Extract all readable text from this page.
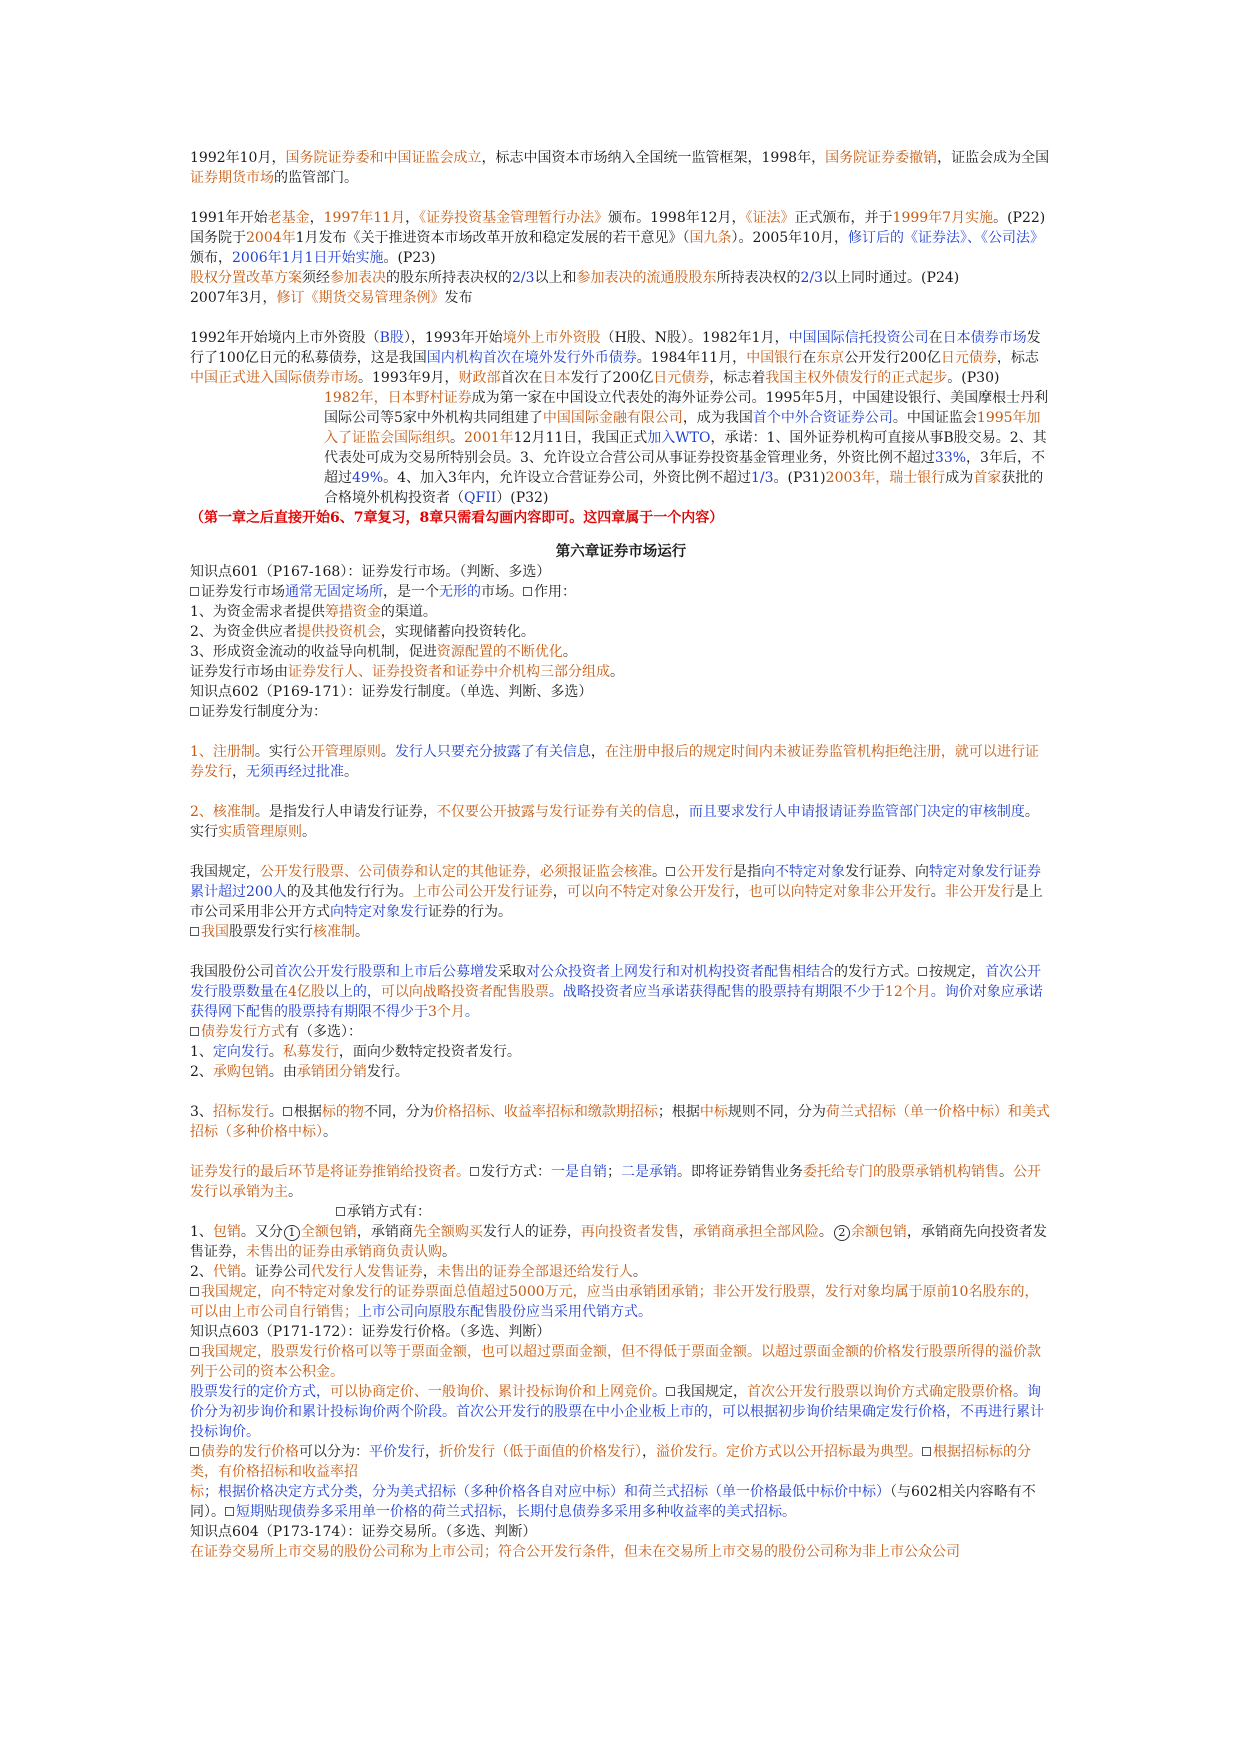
1992年10月，国务院证券委和中国证监会成立，标志中国资本市场纳入全国统一监管框架，1998年，国务院证券委撤销，证监会成为全国证券期货市场的监管部门。

1991年开始老基金，1997年11月，《证券投资基金管理暂行办法》颁布。1998年12月，《证法》正式颁布，并于1999年7月实施。(P22)国务院于2004年1月发布《关于推进资本市场改革开放和稳定发展的若干意见》（国九条）。2005年10月，修订后的《证券法》、《公司法》颁布，2006年1月1日开始实施。(P23)

股权分置改革方案须经参加表决的股东所持表决权的2/3以上和参加表决的流通股股东所持表决权的2/3以上同时通过。(P24)

2007年3月，修订《期货交易管理条例》发布

1992年开始境内上市外资股（B股），1993年开始境外上市外资股（H股、N股）。1982年1月，中国国际信托投资公司在日本债券市场发行了100亿日元的私募债券，这是我国国内机构首次在境外发行外币债券。1984年11月，中国银行在东京公开发行200亿日元债券，标志中国正式进入国际债券市场。1993年9月，财政部首次在日本发行了200亿日元债券，标志着我国主权外债发行的正式起步。(P30)

1982年，日本野村证券成为第一家在中国设立代表处的海外证券公司。1995年5月，中国建设银行、美国摩根士丹利国际公司等5家中外机构共同组建了中国国际金融有限公司，成为我国首个中外合资证券公司。中国证监会1995年加入了证监会国际组织。2001年12月11日，我国正式加入WTO，承诺：1、国外证券机构可直接从事B股交易。2、其代表处可成为交易所特别会员。3、允许设立合营公司从事证券投资基金管理业务，外资比例不超过33%，3年后，不超过49%。4、加入3年内，允许设立合营证券公司，外资比例不超过1/3。(P31)2003年，瑞士银行成为首家获批的合格境外机构投资者（QFII）(P32)

（第一章之后直接开始6、7章复习，8章只需看勾画内容即可。这四章属于一个内容）

第六章证券市场运行

知识点601（P167-168）：证券发行市场。（判断、多选）

证券发行市场通常无固定场所，是一个无形的市场。 作用：

1、为资金需求者提供筹措资金的渠道。

2、为资金供应者提供投资机会，实现储蓄向投资转化。

3、形成资金流动的收益导向机制，促进资源配置的不断优化。

证券发行市场由证券发行人、证券投资者和证券中介机构三部分组成。

知识点602（P169-171）：证券发行制度。（单选、判断、多选）

证券发行制度分为：

1、注册制。实行公开管理原则。发行人只要充分披露了有关信息，在注册申报后的规定时间内未被证券监管机构拒绝注册，就可以进行证券发行，无须再经过批准。

2、核准制。是指发行人申请发行证券，不仅要公开披露与发行证券有关的信息，而且要求发行人申请报请证券监管部门决定的审核制度。实行实质管理原则。

我国规定，公开发行股票、公司债券和认定的其他证券，必须报证监会核准。 公开发行是指向不特定对象发行证券、向特定对象发行证券累计超过200人的及其他发行行为。上市公司公开发行证券，可以向不特定对象公开发行，也可以向特定对象非公开发行。非公开发行是上市公司采用非公开方式向特定对象发行证券的行为。

我国股票发行实行核准制。

我国股份公司首次公开发行股票和上市后公募增发采取对公众投资者上网发行和对机构投资者配售相结合的发行方式。 按规定，首次公开发行股票数量在4亿股以上的，可以向战略投资者配售股票。战略投资者应当承诺获得配售的股票持有期限不少于12个月。询价对象应承诺获得网下配售的股票持有期限不得少于3个月。

债券发行方式有（多选）：

1、定向发行。私募发行，面向少数特定投资者发行。

2、承购包销。由承销团分销发行。

3、招标发行。 根据标的物不同，分为价格招标、收益率招标和缴款期招标；根据中标规则不同，分为荷兰式招标（单一价格中标）和美式招标（多种价格中标）。

证券发行的最后环节是将证券推销给投资者。 发行方式：一是自销；二是承销。即将证券销售业务委托给专门的股票承销机构销售。公开发行以承销为主。

承销方式有：

1、包销。又分 1 全额包销，承销商先全额购买发行人的证券，再向投资者发售，承销商承担全部风险。 2 余额包销，承销商先向投资者发售证券，未售出的证券由承销商负责认购。

2、代销。证券公司代发行人发售证券，未售出的证券全部退还给发行人。

我国规定，向不特定对象发行的证券票面总值超过5000万元，应当由承销团承销；非公开发行股票，发行对象均属于原前10名股东的，可以由上市公司自行销售；上市公司向原股东配售股份应当采用代销方式。

知识点603（P171-172）：证券发行价格。（多选、判断）

我国规定，股票发行价格可以等于票面金额，也可以超过票面金额，但不得低于票面金额。以超过票面金额的价格发行股票所得的溢价款列于公司的资本公积金。

股票发行的定价方式，可以协商定价、一般询价、累计投标询价和上网竞价。 我国规定，首次公开发行股票以询价方式确定股票价格。询价分为初步询价和累计投标询价两个阶段。首次公开发行的股票在中小企业板上市的，可以根据初步询价结果确定发行价格，不再进行累计投标询价。

债券的发行价格可以分为：平价发行，折价发行（低于面值的价格发行），溢价发行。定价方式以公开招标最为典型。 根据招标标的分类，有价格招标和收益率招标；根据价格决定方式分类，分为美式招标（多种价格各自对应中标）和荷兰式招标（单一价格最低中标价中标）（与602相关内容略有不同）。 短期贴现债券多采用单一价格的荷兰式招标，长期付息债券多采用多种收益率的美式招标。

知识点604（P173-174）：证券交易所。（多选、判断）

在证券交易所上市交易的股份公司称为上市公司；符合公开发行条件，但未在交易所上市交易的股份公司称为非上市公众公司
